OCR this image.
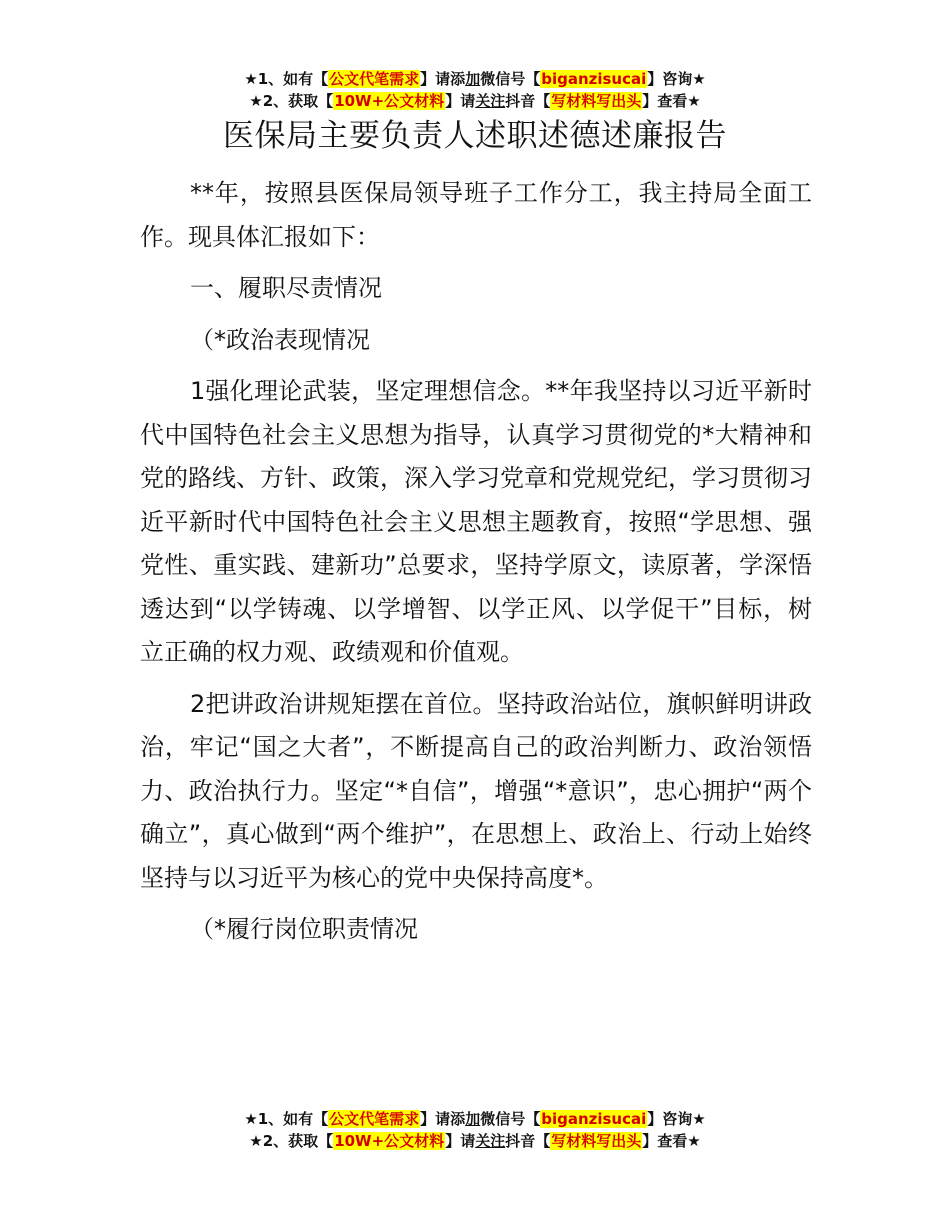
★1、如有【公文代笔需求】请添加微信号【biganzisucai】咨询★
★2、获取【10W+公文材料】请关注抖音【写材料写出头】查看★
医保局主要负责人述职述德述廉报告

**年，按照县医保局领导班子工作分工，我主持局全面工作。现具体汇报如下：

一、履职尽责情况

（*政治表现情况

1强化理论武装，坚定理想信念。**年我坚持以习近平新时代中国特色社会主义思想为指导，认真学习贯彻党的*大精神和党的路线、方针、政策，深入学习党章和党规党纪，学习贯彻习近平新时代中国特色社会主义思想主题教育，按照“学思想、强党性、重实践、建新功”总要求，坚持学原文，读原著，学深悟透达到“以学铸魂、以学增智、以学正风、以学促干”目标，树立正确的权力观、政绩观和价值观。

2把讲政治讲规矩摆在首位。坚持政治站位，旗帜鲜明讲政治，牢记“国之大者”，不断提高自己的政治判断力、政治领悟力、政治执行力。坚定“*自信”，增强“*意识”，忠心拥护“两个确立”，真心做到“两个维护”，在思想上、政治上、行动上始终坚持与以习近平为核心的党中央保持高度*。

（*履行岗位职责情况

★1、如有【公文代笔需求】请添加微信号【biganzisucai】咨询★
★2、获取【10W+公文材料】请关注抖音【写材料写出头】查看★
